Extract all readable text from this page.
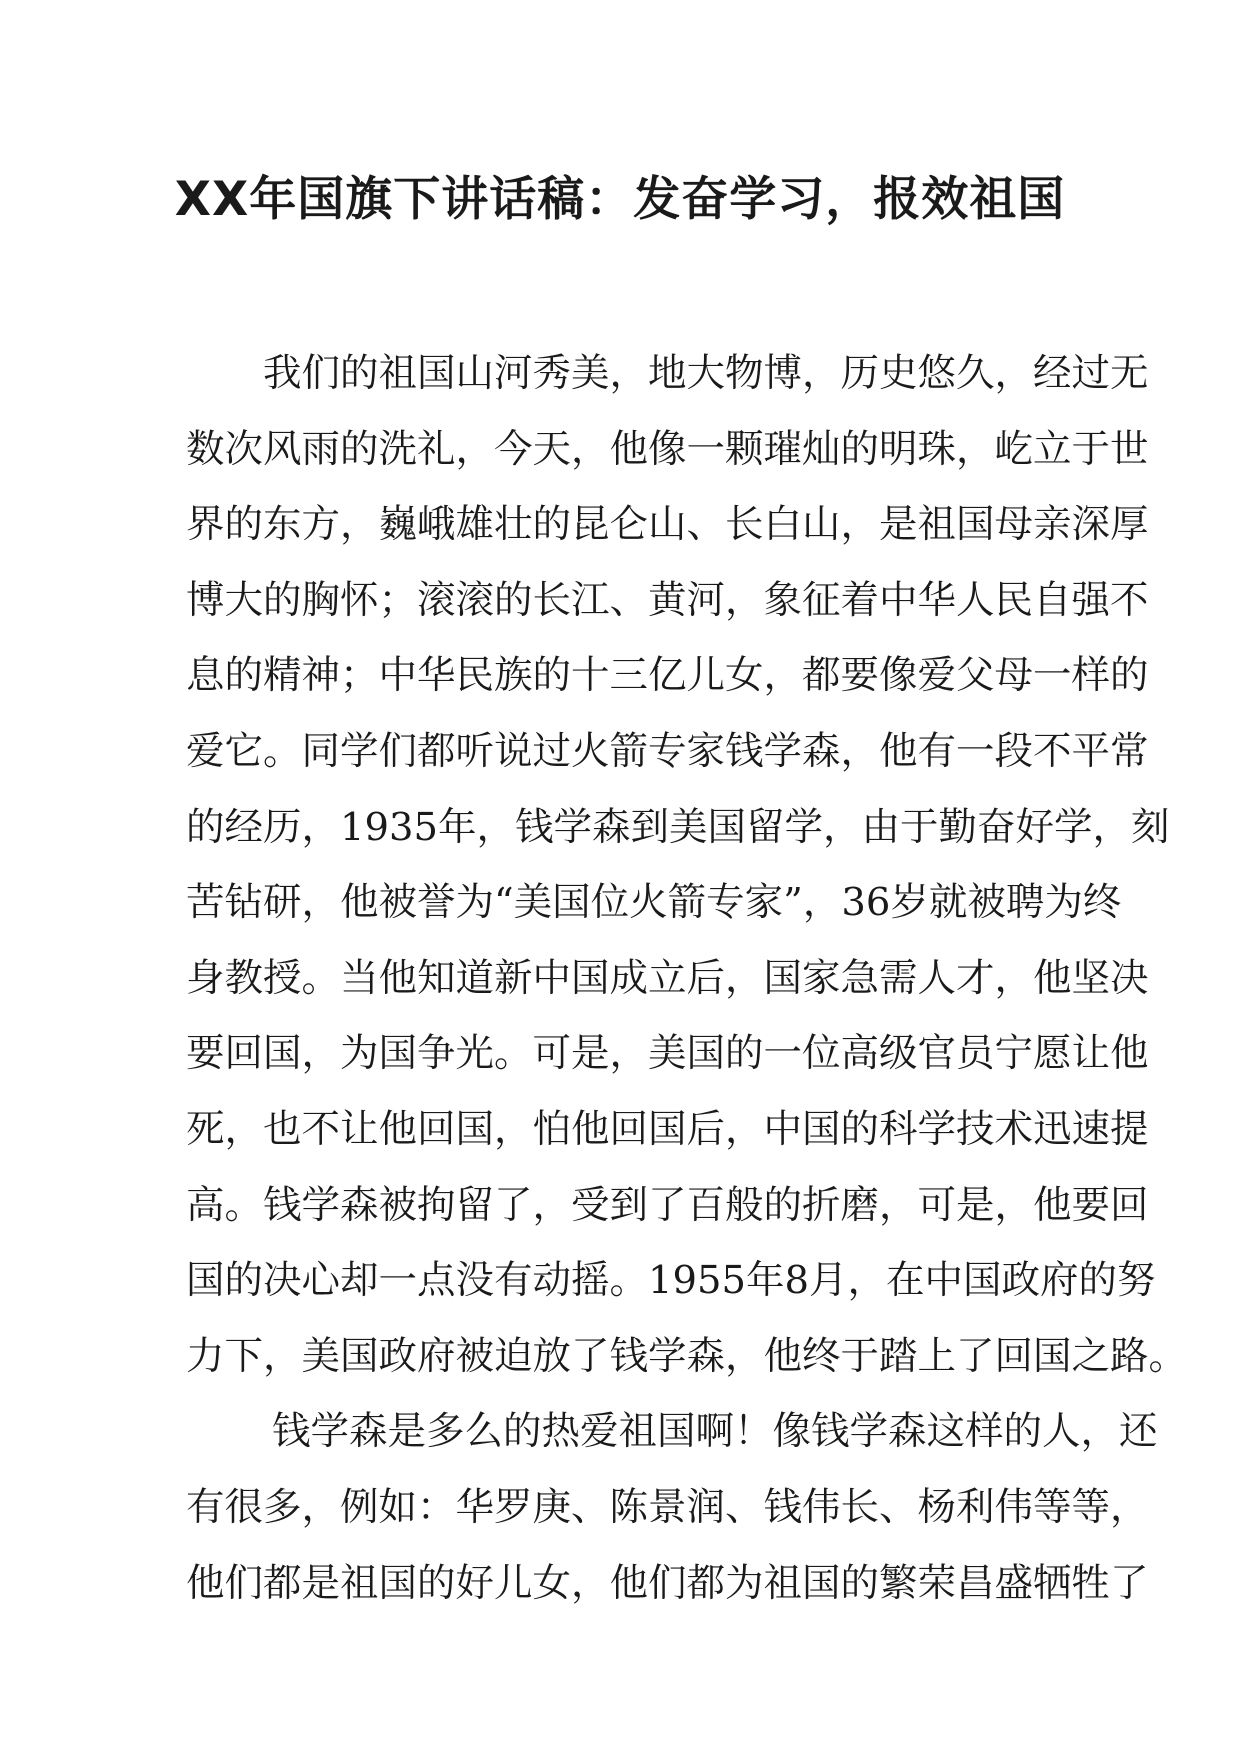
XX年国旗下讲话稿：发奋学习，报效祖国
我们的祖国山河秀美，地大物博，历史悠久，经过无
数次风雨的洗礼，今天，他像一颗璀灿的明珠，屹立于世
界的东方，巍峨雄壮的昆仑山、长白山，是祖国母亲深厚
博大的胸怀；滚滚的长江、黄河，象征着中华人民自强不
息的精神；中华民族的十三亿儿女，都要像爱父母一样的
爱它。同学们都听说过火箭专家钱学森，他有一段不平常
的经历，1935年，钱学森到美国留学，由于勤奋好学，刻
苦钻研，他被誉为“美国位火箭专家”，36岁就被聘为终
身教授。当他知道新中国成立后，国家急需人才，他坚决
要回国，为国争光。可是，美国的一位高级官员宁愿让他
死，也不让他回国，怕他回国后，中国的科学技术迅速提
高。钱学森被拘留了，受到了百般的折磨，可是，他要回
国的决心却一点没有动摇。1955年8月，在中国政府的努
力下，美国政府被迫放了钱学森，他终于踏上了回国之路。
钱学森是多么的热爱祖国啊！像钱学森这样的人，还
有很多，例如：华罗庚、陈景润、钱伟长、杨利伟等等，
他们都是祖国的好儿女，他们都为祖国的繁荣昌盛牺牲了
